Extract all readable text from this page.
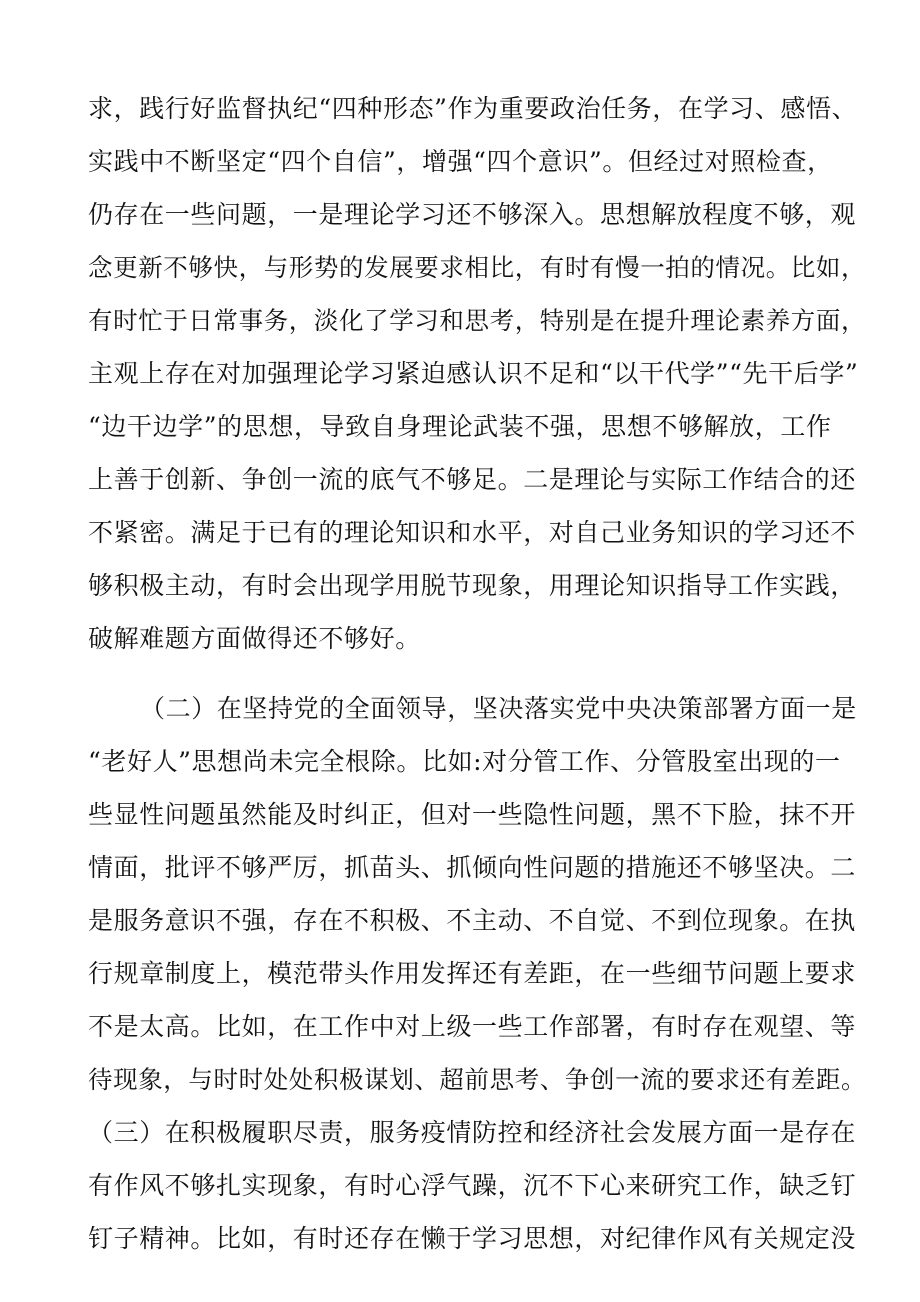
求，践行好监督执纪“四种形态”作为重要政治任务，在学习、感悟、
实践中不断坚定“四个自信”，增强“四个意识”。但经过对照检查，
仍存在一些问题，一是理论学习还不够深入。思想解放程度不够，观
念更新不够快，与形势的发展要求相比，有时有慢一拍的情况。比如，
有时忙于日常事务，淡化了学习和思考，特别是在提升理论素养方面，
主观上存在对加强理论学习紧迫感认识不足和“以干代学”“先干后学”
“边干边学”的思想，导致自身理论武装不强，思想不够解放，工作
上善于创新、争创一流的底气不够足。二是理论与实际工作结合的还
不紧密。满足于已有的理论知识和水平，对自己业务知识的学习还不
够积极主动，有时会出现学用脱节现象，用理论知识指导工作实践，
破解难题方面做得还不够好。
（二）在坚持党的全面领导，坚决落实党中央决策部署方面一是
“老好人”思想尚未完全根除。比如:对分管工作、分管股室出现的一
些显性问题虽然能及时纠正，但对一些隐性问题，黑不下脸，抹不开
情面，批评不够严厉，抓苗头、抓倾向性问题的措施还不够坚决。二
是服务意识不强，存在不积极、不主动、不自觉、不到位现象。在执
行规章制度上，模范带头作用发挥还有差距，在一些细节问题上要求
不是太高。比如，在工作中对上级一些工作部署，有时存在观望、等
待现象，与时时处处积极谋划、超前思考、争创一流的要求还有差距。
（三）在积极履职尽责，服务疫情防控和经济社会发展方面一是存在
有作风不够扎实现象，有时心浮气躁，沉不下心来研究工作，缺乏钉
钉子精神。比如，有时还存在懒于学习思想，对纪律作风有关规定没
